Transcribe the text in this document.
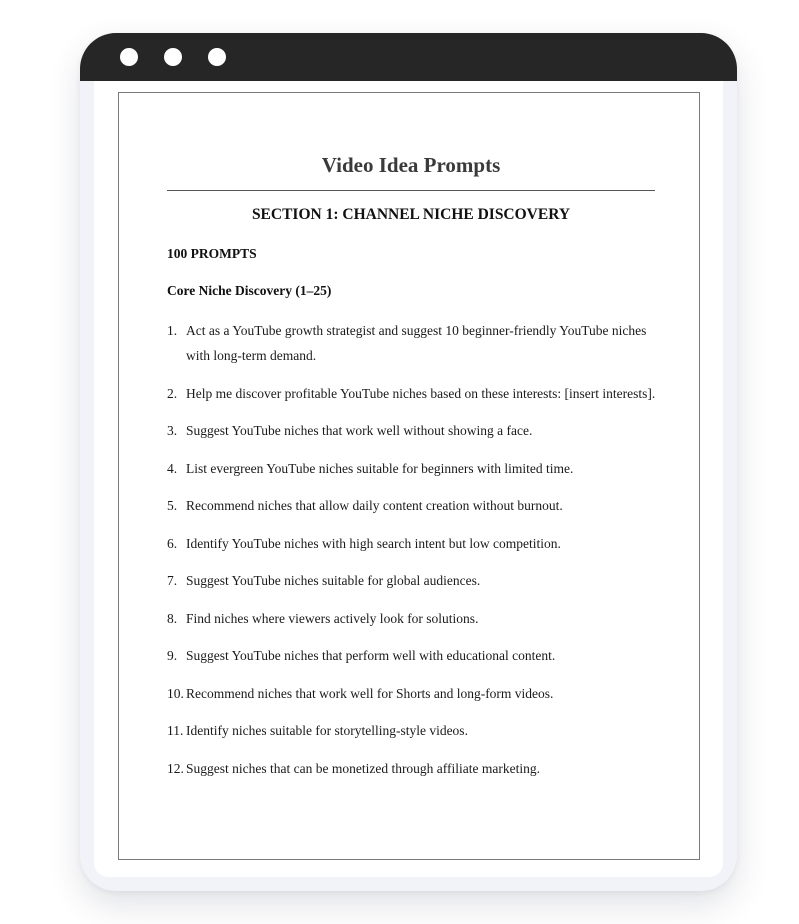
Video Idea Prompts
SECTION 1: CHANNEL NICHE DISCOVERY
100 PROMPTS
Core Niche Discovery (1–25)
1. Act as a YouTube growth strategist and suggest 10 beginner-friendly YouTube niches with long-term demand.
2. Help me discover profitable YouTube niches based on these interests: [insert interests].
3. Suggest YouTube niches that work well without showing a face.
4. List evergreen YouTube niches suitable for beginners with limited time.
5. Recommend niches that allow daily content creation without burnout.
6. Identify YouTube niches with high search intent but low competition.
7. Suggest YouTube niches suitable for global audiences.
8. Find niches where viewers actively look for solutions.
9. Suggest YouTube niches that perform well with educational content.
10. Recommend niches that work well for Shorts and long-form videos.
11. Identify niches suitable for storytelling-style videos.
12. Suggest niches that can be monetized through affiliate marketing.
